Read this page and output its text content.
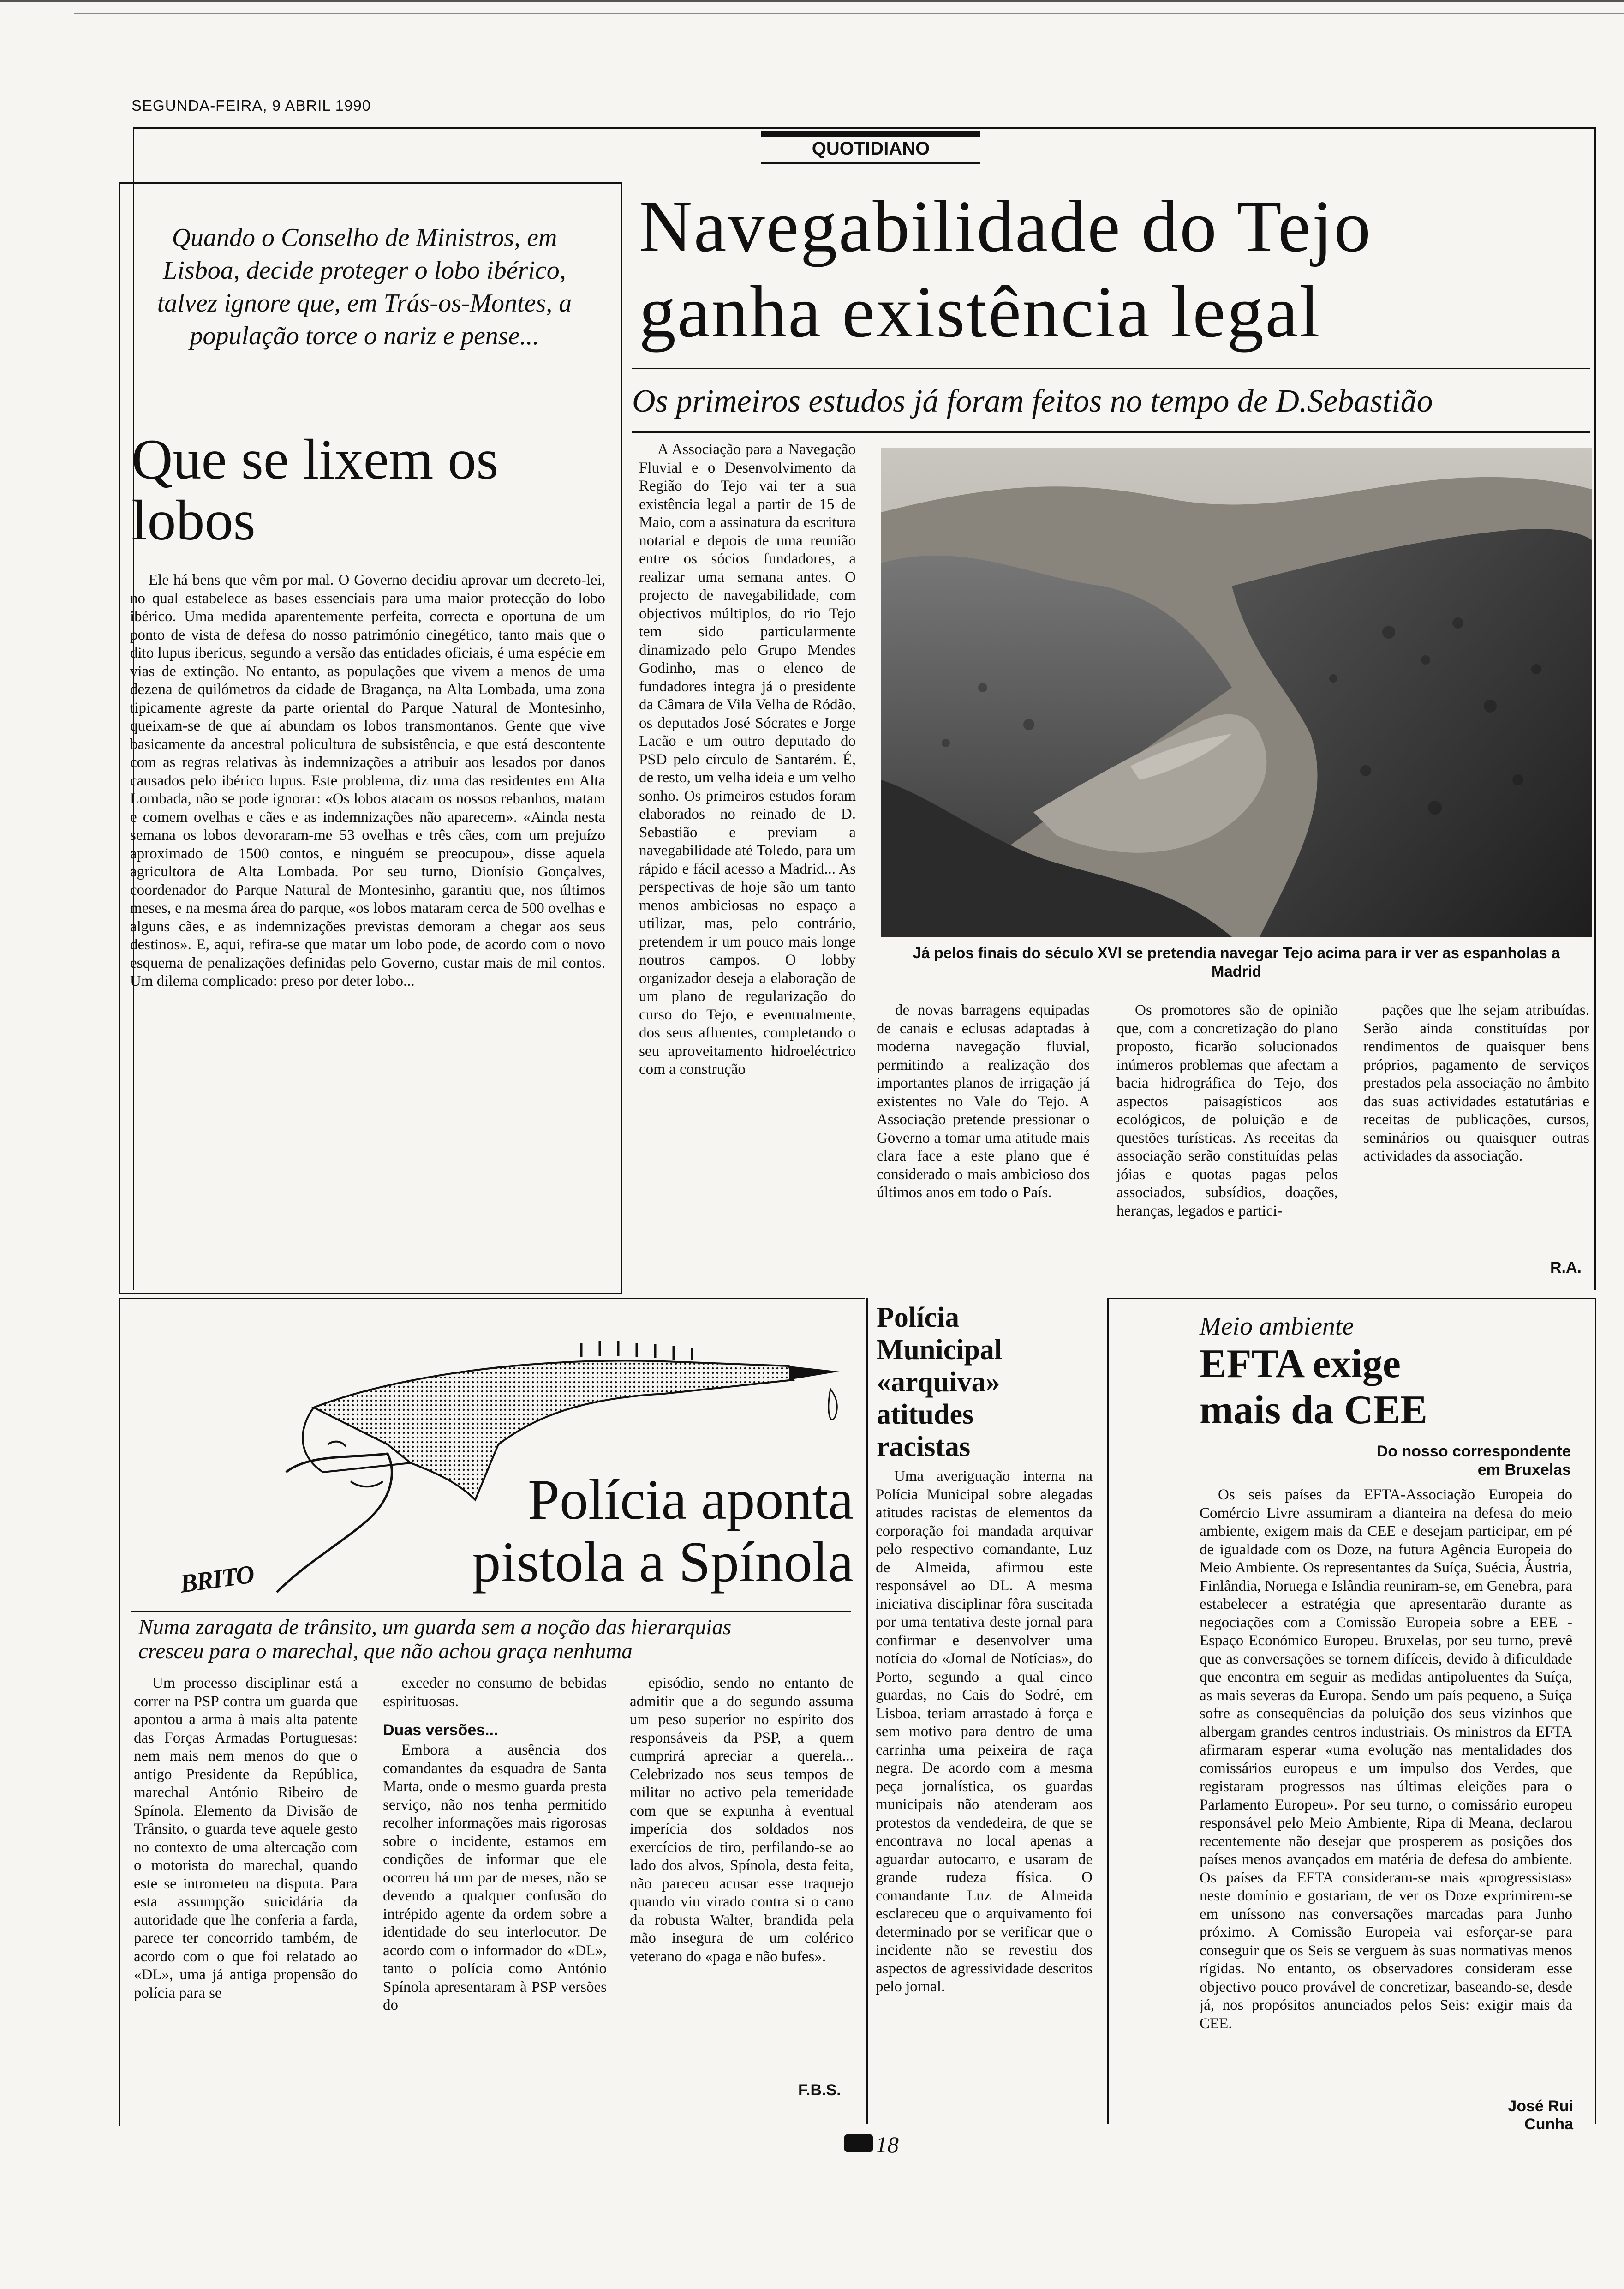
SEGUNDA-FEIRA, 9 ABRIL 1990
QUOTIDIANO
Quando o Conselho de Ministros, em Lisboa, decide proteger o lobo ibérico, talvez ignore que, em Trás-os-Montes, a população torce o nariz e pense...
Que se lixem os lobos

Ele há bens que vêm por mal. O Governo decidiu aprovar um decreto-lei, no qual estabelece as bases essenciais para uma maior protecção do lobo ibérico. Uma medida aparentemente perfeita, correcta e oportuna de um ponto de vista de defesa do nosso património cinegético, tanto mais que o dito lupus ibericus, segundo a versão das entidades oficiais, é uma espécie em vias de extinção. No entanto, as populações que vivem a menos de uma dezena de quilómetros da cidade de Bragança, na Alta Lombada, uma zona tipicamente agreste da parte oriental do Parque Natural de Montesinho, queixam-se de que aí abundam os lobos transmontanos. Gente que vive basicamente da ancestral policultura de subsistência, e que está descontente com as regras relativas às indemnizações a atribuir aos lesados por danos causados pelo ibérico lupus. Este problema, diz uma das residentes em Alta Lombada, não se pode ignorar: «Os lobos atacam os nossos rebanhos, matam e comem ovelhas e cães e as indemnizações não aparecem». «Ainda nesta semana os lobos devoraram-me 53 ovelhas e três cães, com um prejuízo aproximado de 1500 contos, e ninguém se preocupou», disse aquela agricultora de Alta Lombada. Por seu turno, Dionísio Gonçalves, coordenador do Parque Natural de Montesinho, garantiu que, nos últimos meses, e na mesma área do parque, «os lobos mataram cerca de 500 ovelhas e alguns cães, e as indemnizações previstas demoram a chegar aos seus destinos». E, aqui, refira-se que matar um lobo pode, de acordo com o novo esquema de penalizações definidas pelo Governo, custar mais de mil contos. Um dilema complicado: preso por deter lobo...

Navegabilidade do Tejo
ganha existência legal
Os primeiros estudos já foram feitos no tempo de D.Sebastião

A Associação para a Navegação Fluvial e o Desenvolvimento da Região do Tejo vai ter a sua existência legal a partir de 15 de Maio, com a assinatura da escritura notarial e depois de uma reunião entre os sócios fundadores, a realizar uma semana antes. O projecto de navegabilidade, com objectivos múltiplos, do rio Tejo tem sido particularmente dinamizado pelo Grupo Mendes Godinho, mas o elenco de fundadores integra já o presidente da Câmara de Vila Velha de Ródão, os deputados José Sócrates e Jorge Lacão e um outro deputado do PSD pelo círculo de Santarém. É, de resto, um velha ideia e um velho sonho. Os primeiros estudos foram elaborados no reinado de D. Sebastião e previam a navegabilidade até Toledo, para um rápido e fácil acesso a Madrid... As perspectivas de hoje são um tanto menos ambiciosas no espaço a utilizar, mas, pelo contrário, pretendem ir um pouco mais longe noutros campos. O lobby organizador deseja a elaboração de um plano de regularização do curso do Tejo, e eventualmente, dos seus afluentes, completando o seu aproveitamento hidroeléctrico com a construção

Já pelos finais do século XVI se pretendia navegar Tejo acima para ir ver as espanholas a Madrid

de novas barragens equipadas de canais e eclusas adaptadas à moderna navegação fluvial, permitindo a realização dos importantes planos de irrigação já existentes no Vale do Tejo. A Associação pretende pressionar o Governo a tomar uma atitude mais clara face a este plano que é considerado o mais ambicioso dos últimos anos em todo o País.

Os promotores são de opinião que, com a concretização do plano proposto, ficarão solucionados inúmeros problemas que afectam a bacia hidrográfica do Tejo, dos aspectos paisagísticos aos ecológicos, de poluição e de questões turísticas. As receitas da associação serão constituídas pelas jóias e quotas pagas pelos associados, subsídios, doações, heranças, legados e partici-

pações que lhe sejam atribuídas. Serão ainda constituídas por rendimentos de quaisquer bens próprios, pagamento de serviços prestados pela associação no âmbito das suas actividades estatutárias e receitas de publicações, cursos, seminários ou quaisquer outras actividades da associação.

R.A.
BRITO
Polícia aponta
pistola a Spínola
Numa zaragata de trânsito, um guarda sem a noção das hierarquias cresceu para o marechal, que não achou graça nenhuma

Um processo disciplinar está a correr na PSP contra um guarda que apontou a arma à mais alta patente das Forças Armadas Portuguesas: nem mais nem menos do que o antigo Presidente da República, marechal António Ribeiro de Spínola. Elemento da Divisão de Trânsito, o guarda teve aquele gesto no contexto de uma altercação com o motorista do marechal, quando este se intrometeu na disputa. Para esta assumpção suicidária da autoridade que lhe conferia a farda, parece ter concorrido também, de acordo com o que foi relatado ao «DL», uma já antiga propensão do polícia para se

exceder no consumo de bebidas espirituosas.

Duas versões...

Embora a ausência dos comandantes da esquadra de Santa Marta, onde o mesmo guarda presta serviço, não nos tenha permitido recolher informações mais rigorosas sobre o incidente, estamos em condições de informar que ele ocorreu há um par de meses, não se devendo a qualquer confusão do intrépido agente da ordem sobre a identidade do seu interlocutor. De acordo com o informador do «DL», tanto o polícia como António Spínola apresentaram à PSP versões do

episódio, sendo no entanto de admitir que a do segundo assuma um peso superior no espírito dos responsáveis da PSP, a quem cumprirá apreciar a querela... Celebrizado nos seus tempos de militar no activo pela temeridade com que se expunha à eventual imperícia dos soldados nos exercícios de tiro, perfilando-se ao lado dos alvos, Spínola, desta feita, não pareceu acusar esse traquejo quando viu virado contra si o cano da robusta Walter, brandida pela mão insegura de um colérico veterano do «paga e não bufes».

F.B.S.
Polícia Municipal «arquiva» atitudes racistas

Uma averiguação interna na Polícia Municipal sobre alegadas atitudes racistas de elementos da corporação foi mandada arquivar pelo respectivo comandante, Luz de Almeida, afirmou este responsável ao DL. A mesma iniciativa disciplinar fôra suscitada por uma tentativa deste jornal para confirmar e desenvolver uma notícia do «Jornal de Notícias», do Porto, segundo a qual cinco guardas, no Cais do Sodré, em Lisboa, teriam arrastado à força e sem motivo para dentro de uma carrinha uma peixeira de raça negra. De acordo com a mesma peça jornalística, os guardas municipais não atenderam aos protestos da vendedeira, de que se encontrava no local apenas a aguardar autocarro, e usaram de grande rudeza física. O comandante Luz de Almeida esclareceu que o arquivamento foi determinado por se verificar que o incidente não se revestiu dos aspectos de agressividade descritos pelo jornal.

Meio ambiente
EFTA exige
mais da CEE
Do nosso correspondente
em Bruxelas

Os seis países da EFTA-Associação Europeia do Comércio Livre assumiram a dianteira na defesa do meio ambiente, exigem mais da CEE e desejam participar, em pé de igualdade com os Doze, na futura Agência Europeia do Meio Ambiente. Os representantes da Suíça, Suécia, Áustria, Finlândia, Noruega e Islândia reuniram-se, em Genebra, para estabelecer a estratégia que apresentarão durante as negociações com a Comissão Europeia sobre a EEE - Espaço Económico Europeu. Bruxelas, por seu turno, prevê que as conversações se tornem difíceis, devido à dificuldade que encontra em seguir as medidas antipoluentes da Suíça, as mais severas da Europa. Sendo um país pequeno, a Suíça sofre as consequências da poluição dos seus vizinhos que albergam grandes centros industriais. Os ministros da EFTA afirmaram esperar «uma evolução nas mentalidades dos comissários europeus e um impulso dos Verdes, que registaram progressos nas últimas eleições para o Parlamento Europeu». Por seu turno, o comissário europeu responsável pelo Meio Ambiente, Ripa di Meana, declarou recentemente não desejar que prosperem as posições dos países menos avançados em matéria de defesa do ambiente. Os países da EFTA consideram-se mais «progressistas» neste domínio e gostariam, de ver os Doze exprimirem-se em uníssono nas conversações marcadas para Junho próximo. A Comissão Europeia vai esforçar-se para conseguir que os Seis se verguem às suas normativas menos rígidas. No entanto, os observadores consideram esse objectivo pouco provável de concretizar, baseando-se, desde já, nos propósitos anunciados pelos Seis: exigir mais da CEE.

José Rui Cunha
18
